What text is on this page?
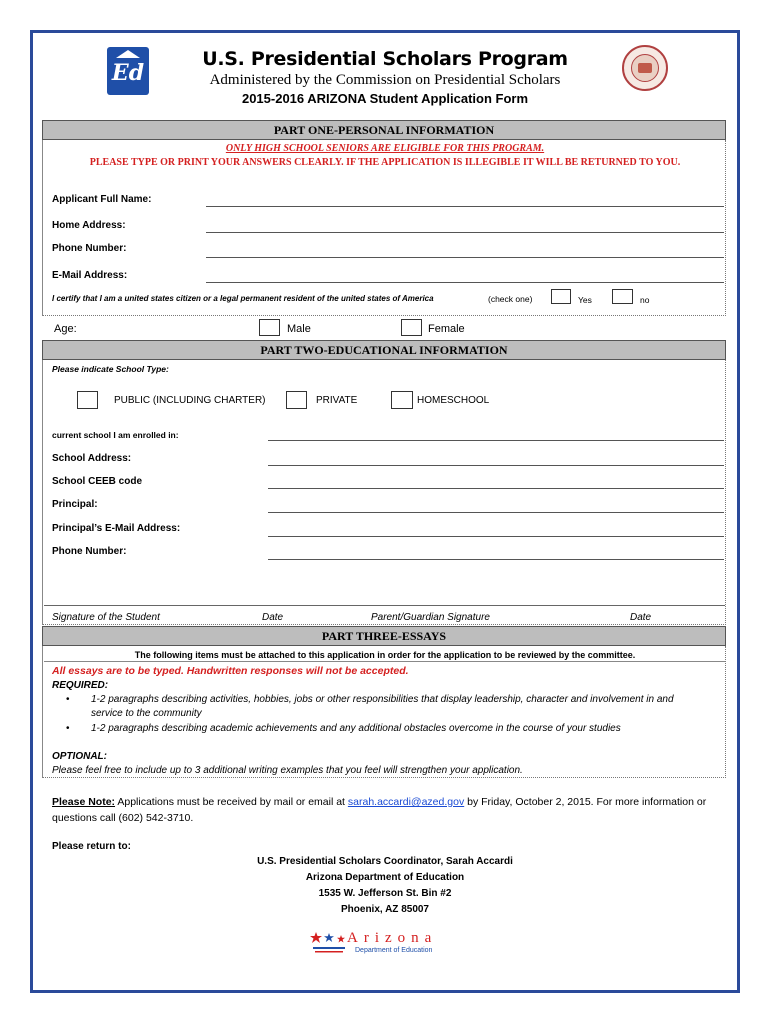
Ed
U.S. Presidential Scholars Program
Administered by the Commission on Presidential Scholars
2015-2016 ARIZONA Student Application Form
PART ONE-PERSONAL INFORMATION
ONLY HIGH SCHOOL SENIORS ARE ELIGIBLE FOR THIS PROGRAM.
PLEASE TYPE OR PRINT YOUR ANSWERS CLEARLY. IF THE APPLICATION IS ILLEGIBLE IT WILL BE RETURNED TO YOU.
Applicant Full Name:
Home Address:
Phone Number:
E-Mail Address:
I certify that I am a united states citizen or a legal permanent resident of the united states of America	(check one)	Yes	no
Age:	Male	Female
PART TWO-EDUCATIONAL INFORMATION
Please indicate School Type:
PUBLIC (INCLUDING CHARTER)	PRIVATE	HOMESCHOOL
current school I am enrolled in:
School Address:
School CEEB code
Principal:
Principal’s E-Mail Address:
Phone Number:
Signature of the Student	Date	Parent/Guardian Signature	Date
PART THREE-ESSAYS
The following items must be attached to this application in order for the application to be reviewed by the committee.
All essays are to be typed. Handwritten responses will not be accepted.
REQUIRED:
• 1-2 paragraphs describing activities, hobbies, jobs or other responsibilities that display leadership, character and involvement in and
service to the community
• 1-2 paragraphs describing academic achievements and any additional obstacles overcome in the course of your studies
OPTIONAL:
Please feel free to include up to 3 additional writing examples that you feel will strengthen your application.
Please Note: Applications must be received by mail or email at sarah.accardi@azed.gov by Friday, October 2, 2015. For more information or
questions call (602) 542-3710.
Please return to:
U.S. Presidential Scholars Coordinator, Sarah Accardi
Arizona Department of Education
1535 W. Jefferson St. Bin #2
Phoenix, AZ 85007
Arizona
Department of Education
